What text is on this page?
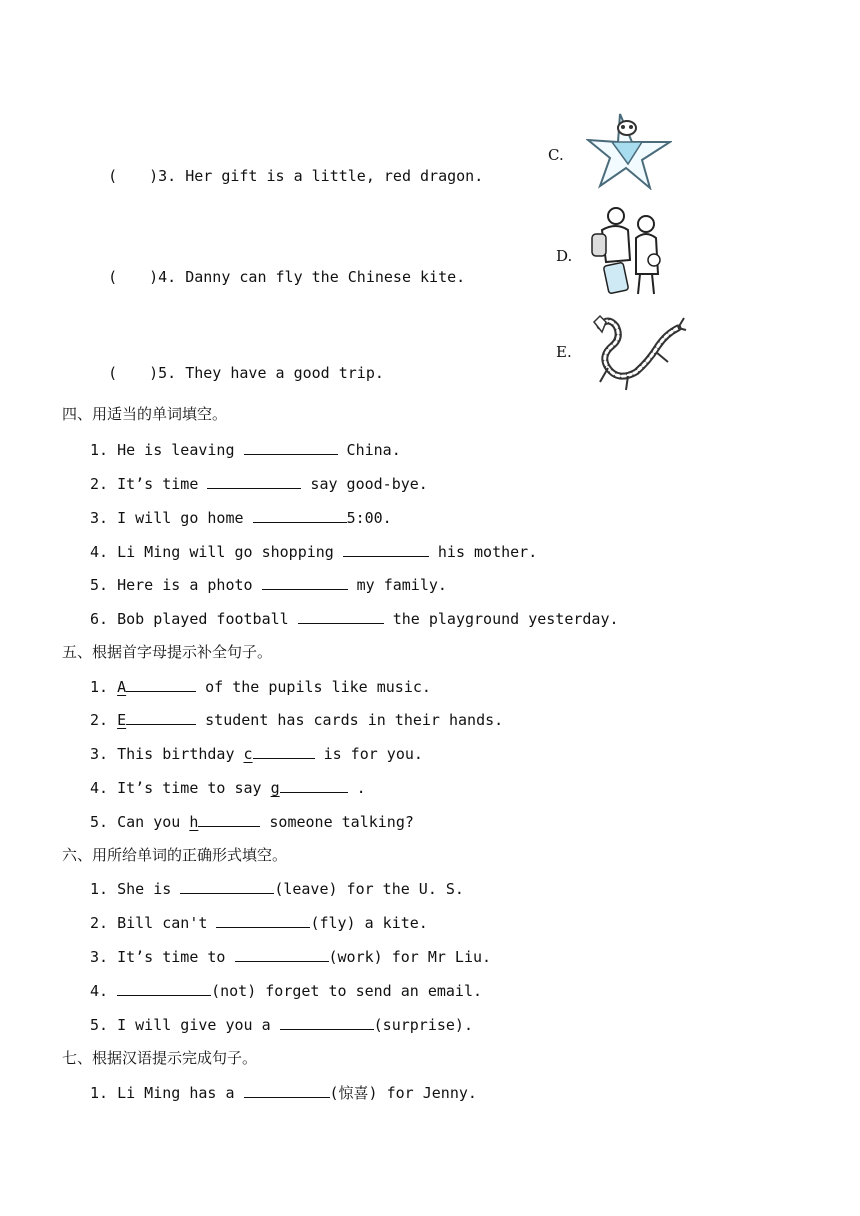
( )3. Her gift is a little, red dragon.

C.

( )4. Danny can fly the Chinese kite.

D.

( )5. They have a good trip.

E.
四、用适当的单词填空。
1. He is leaving	China.
2. It’s time	say good-bye.
3. I will go home	5:00.
4. Li Ming will go shopping	his mother.
5. Here is a photo	my family.
6. Bob played football	the playground yesterday.
五、根据首字母提示补全句子。
1. A	of the pupils like music.
2. E	student has cards in their hands.
3. This birthday c	is for you.
4. It’s time to say g	.
5. Can you h	someone talking?
六、用所给单词的正确形式填空。
1. She is	(leave) for the U. S.
2. Bill can't	(fly) a kite.
3. It’s time to	(work) for Mr Liu.
4.	(not) forget to send an email.
5. I will give you a	(surprise).
七、根据汉语提示完成句子。
1. Li Ming has a	(惊喜) for Jenny.
